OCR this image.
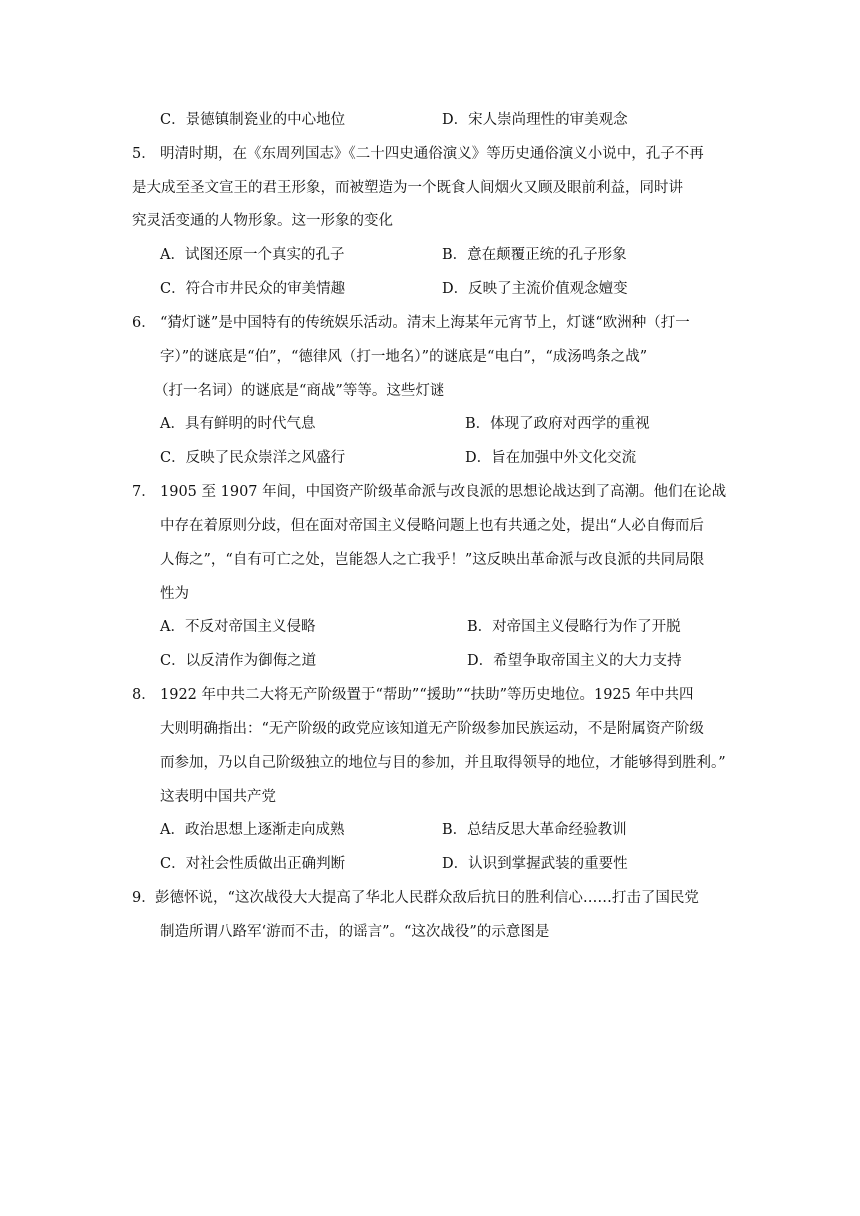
C．景德镇制瓷业的中心地位	D．宋人崇尚理性的审美观念
5． 明清时期，在《东周列国志》《二十四史通俗演义》等历史通俗演义小说中，孔子不再
是大成至圣文宣王的君王形象，而被塑造为一个既食人间烟火又顾及眼前利益，同时讲
究灵活变通的人物形象。这一形象的变化
A．试图还原一个真实的孔子	B．意在颠覆正统的孔子形象
C．符合市井民众的审美情趣	D．反映了主流价值观念嬗变
6． “猜灯谜”是中国特有的传统娱乐活动。清末上海某年元宵节上，灯谜“欧洲种（打一
字）”的谜底是“伯”，“德律风（打一地名）”的谜底是“电白”，“成汤鸣条之战”
（打一名词）的谜底是“商战”等等。这些灯谜
A．具有鲜明的时代气息	B．体现了政府对西学的重视
C．反映了民众崇洋之风盛行	D．旨在加强中外文化交流
7． 1905 至 1907 年间，中国资产阶级革命派与改良派的思想论战达到了高潮。他们在论战
中存在着原则分歧，但在面对帝国主义侵略问题上也有共通之处，提出“人必自侮而后
人侮之”，“自有可亡之处，岂能怨人之亡我乎！”这反映出革命派与改良派的共同局限
性为
A．不反对帝国主义侵略	B．对帝国主义侵略行为作了开脱
C．以反清作为御侮之道	D．希望争取帝国主义的大力支持
8． 1922 年中共二大将无产阶级置于“帮助”“援助”“扶助”等历史地位。1925 年中共四
大则明确指出：“无产阶级的政党应该知道无产阶级参加民族运动，不是附属资产阶级
而参加，乃以自己阶级独立的地位与目的参加，并且取得领导的地位，才能够得到胜利。”
这表明中国共产党
A．政治思想上逐渐走向成熟	B．总结反思大革命经验教训
C．对社会性质做出正确判断	D．认识到掌握武装的重要性
9． 彭德怀说，“这次战役大大提高了华北人民群众敌后抗日的胜利信心……打击了国民党
制造所谓八路军‘游而不击，的谣言”。“这次战役”的示意图是
